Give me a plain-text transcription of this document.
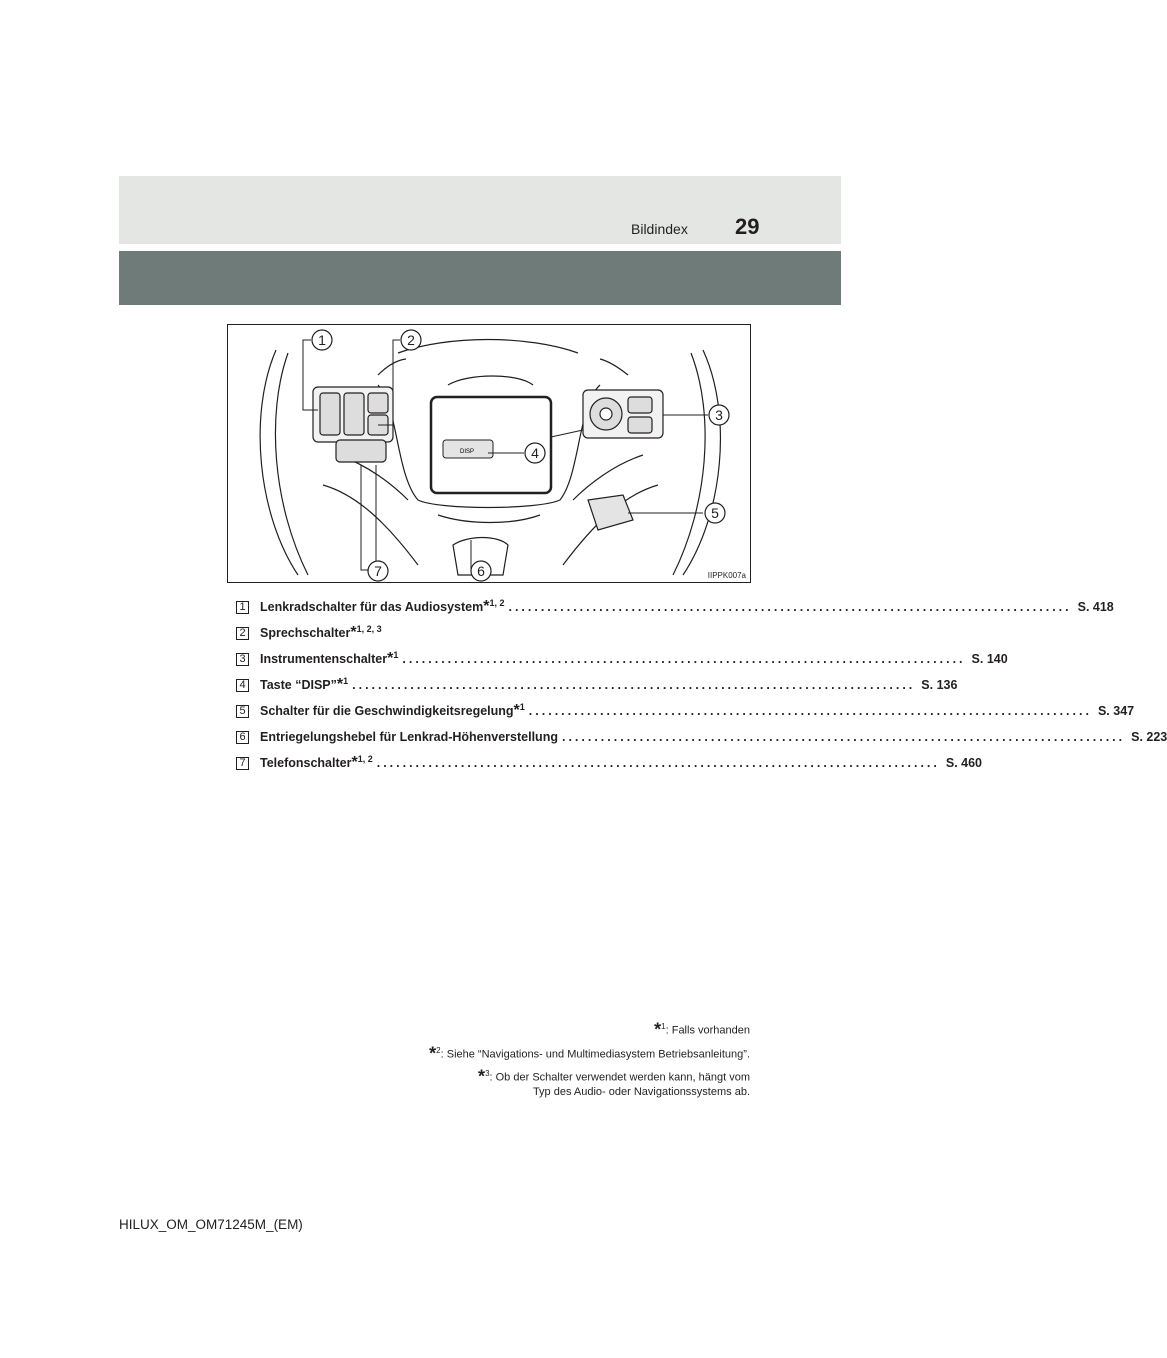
Bildindex 29
DISP
1	2
3
4
5
6
7	IIPPK007a
1 Lenkradschalter für das Audiosystem*$^{1, 2}$ ....................................................................................... S. 418
2 Sprechschalter*$^{1, 2, 3}$
3 Instrumentenschalter*$^1$ ....................................................................................... S. 140
4 Taste “DISP”*$^1$ ....................................................................................... S. 136
5 Schalter für die Geschwindigkeitsregelung*$^1$ ....................................................................................... S. 347
6 Entriegelungshebel für Lenkrad-Höhenverstellung ....................................................................................... S. 223
7 Telefonschalter*$^{1, 2}$ ....................................................................................... S. 460
*$^1$: Falls vorhanden
*$^2$: Siehe “Navigations- und Multimediasystem Betriebsanleitung”.
*$^3$: Ob der Schalter verwendet werden kann, hängt vom
Typ des Audio- oder Navigationssystems ab.
HILUX_OM_OM71245M_(EM)
